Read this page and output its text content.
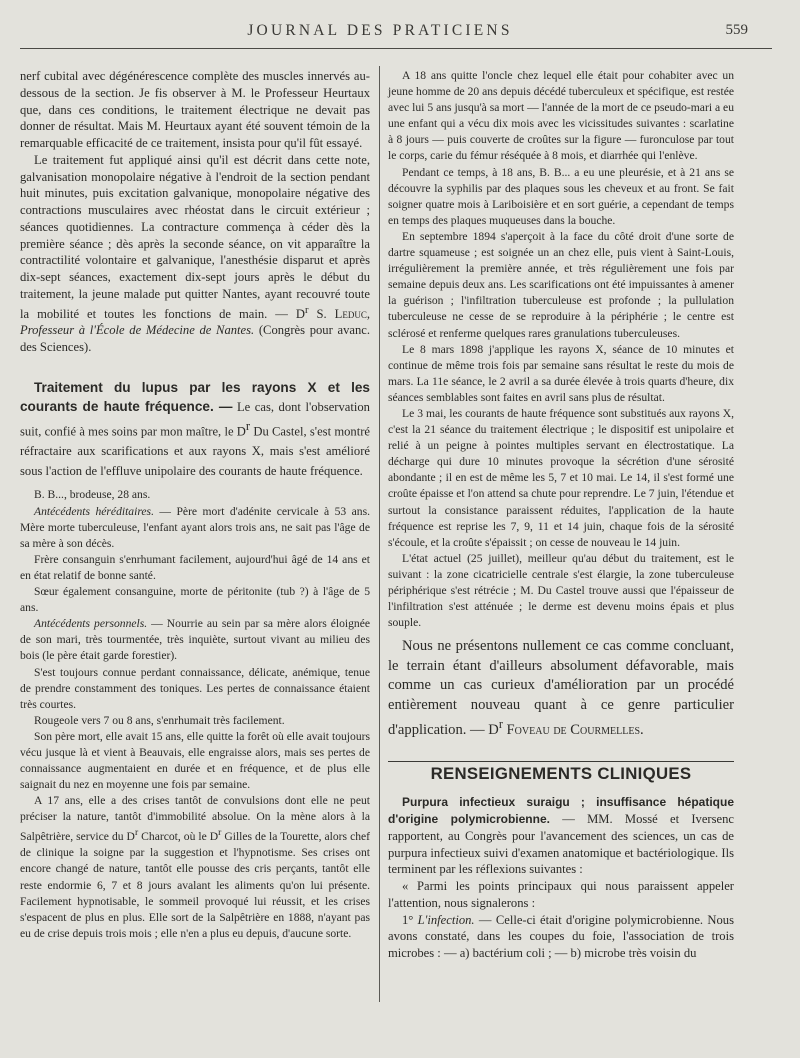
JOURNAL DES PRATICIENS	559

nerf cubital avec dégénérescence complète des muscles innervés au-dessous de la section. Je fis observer à M. le Professeur Heurtaux que, dans ces conditions, le traitement électrique ne devait pas donner de résultat. Mais M. Heurtaux ayant été souvent témoin de la remarquable efficacité de ce traitement, insista pour qu'il fût essayé.

Le traitement fut appliqué ainsi qu'il est décrit dans cette note, galvanisation monopolaire négative à l'endroit de la section pendant huit minutes, puis excitation galvanique, monopolaire négative des contractions musculaires avec rhéostat dans le circuit extérieur ; séances quotidiennes. La contracture commença à céder dès la première séance ; dès après la seconde séance, on vit apparaître la contractilité volontaire et galvanique, l'anesthésie disparut et après dix-sept séances, exactement dix-sept jours après le début du traitement, la jeune malade put quitter Nantes, ayant recouvré toute la mobilité et toutes les fonctions de main. — $D^r$ S. Leduc, Professeur à l'École de Médecine de Nantes. (Congrès pour avanc. des Sciences).

Traitement du lupus par les rayons X et les courants de haute fréquence. — Le cas, dont l'observation suit, confié à mes soins par mon maître, le $D^r$ Du Castel, s'est montré réfractaire aux scarifications et aux rayons X, mais s'est amélioré sous l'action de l'effluve unipolaire des courants de haute fréquence.

B. B..., brodeuse, 28 ans.

Antécédents héréditaires. — Père mort d'adénite cervicale à 53 ans. Mère morte tuberculeuse, l'enfant ayant alors trois ans, ne sait pas l'âge de sa mère à son décès.

Frère consanguin s'enrhumant facilement, aujourd'hui âgé de 14 ans et en état relatif de bonne santé.

Sœur également consanguine, morte de péritonite (tub ?) à l'âge de 5 ans.

Antécédents personnels. — Nourrie au sein par sa mère alors éloignée de son mari, très tourmentée, très inquiète, surtout vivant au milieu des bois (le père était garde forestier).

S'est toujours connue perdant connaissance, délicate, anémique, tenue de prendre constamment des toniques. Les pertes de connaissance étaient très courtes.

Rougeole vers 7 ou 8 ans, s'enrhumait très facilement.

Son père mort, elle avait 15 ans, elle quitte la forêt où elle avait toujours vécu jusque là et vient à Beauvais, elle engraisse alors, mais ses pertes de connaissance augmentaient en durée et en fréquence, et de plus elle saignait du nez en moyenne une fois par semaine.

A 17 ans, elle a des crises tantôt de convulsions dont elle ne peut préciser la nature, tantôt d'immobilité absolue. On la mène alors à la Salpêtrière, service du $D^r$ Charcot, où le $D^r$ Gilles de la Tourette, alors chef de clinique la soigne par la suggestion et l'hypnotisme. Ses crises ont encore changé de nature, tantôt elle pousse des cris perçants, tantôt elle reste endormie 6, 7 et 8 jours avalant les aliments qu'on lui présente. Facilement hypnotisable, le sommeil provoqué lui réussit, et les crises s'espacent de plus en plus. Elle sort de la Salpêtrière en 1888, n'ayant pas eu de crise depuis trois mois ; elle n'en a plus eu depuis, d'aucune sorte.

A 18 ans quitte l'oncle chez lequel elle était pour cohabiter avec un jeune homme de 20 ans depuis décédé tuberculeux et spécifique, est restée avec lui 5 ans jusqu'à sa mort — l'année de la mort de ce pseudo-mari a eu une enfant qui a vécu dix mois avec les vicissitudes suivantes : scarlatine à 8 jours — puis couverte de croûtes sur la figure — furonculose par tout le corps, carie du fémur réséquée à 8 mois, et diarrhée qui l'enlève.

Pendant ce temps, à 18 ans, B. B... a eu une pleurésie, et à 21 ans se découvre la syphilis par des plaques sous les cheveux et au front. Se fait soigner quatre mois à Lariboisière et en sort guérie, a cependant de temps en temps des plaques muqueuses dans la bouche.

En septembre 1894 s'aperçoit à la face du côté droit d'une sorte de dartre squameuse ; est soignée un an chez elle, puis vient à Saint-Louis, irrégulièrement la première année, et très régulièrement une fois par semaine depuis deux ans. Les scarifications ont été impuissantes à amener la guérison ; l'infiltration tuberculeuse est profonde ; la pullulation tuberculeuse ne cesse de se reproduire à la périphérie ; le centre est sclérosé et renferme quelques rares granulations tuberculeuses.

Le 8 mars 1898 j'applique les rayons X, séance de 10 minutes et continue de même trois fois par semaine sans résultat le reste du mois de mars. La 11e séance, le 2 avril a sa durée élevée à trois quarts d'heure, dix séances semblables sont faites en avril sans plus de résultat.

Le 3 mai, les courants de haute fréquence sont substitués aux rayons X, c'est la 21 séance du traitement électrique ; le dispositif est unipolaire et relié à un peigne à pointes multiples servant en électrostatique. La décharge qui dure 10 minutes provoque la sécrétion d'une sérosité abondante ; il en est de même les 5, 7 et 10 mai. Le 14, il s'est formé une croûte épaisse et l'on attend sa chute pour reprendre. Le 7 juin, l'étendue et surtout la consistance paraissent réduites, l'application de la haute fréquence est reprise les 7, 9, 11 et 14 juin, chaque fois de la sérosité s'écoule, et la croûte s'épaissit ; on cesse de nouveau le 14 juin.

L'état actuel (25 juillet), meilleur qu'au début du traitement, est le suivant : la zone cicatricielle centrale s'est élargie, la zone tuberculeuse périphérique s'est rétrécie ; M. Du Castel trouve aussi que l'épaisseur de l'infiltration s'est atténuée ; le derme est devenu moins épais et plus souple.

Nous ne présentons nullement ce cas comme concluant, le terrain étant d'ailleurs absolument défavorable, mais comme un cas curieux d'amélioration par un procédé entièrement nouveau quant à ce genre particulier d'application. — $D^r$ Foveau de Courmelles.

RENSEIGNEMENTS CLINIQUES

Purpura infectieux suraigu ; insuffisance hépatique d'origine polymicrobienne. — MM. Mossé et Iversenc rapportent, au Congrès pour l'avancement des sciences, un cas de purpura infectieux suivi d'examen anatomique et bactériologique. Ils terminent par les réflexions suivantes :

« Parmi les points principaux qui nous paraissent appeler l'attention, nous signalerons :

1° L'infection. — Celle-ci était d'origine polymicrobienne. Nous avons constaté, dans les coupes du foie, l'association de trois microbes : — a) bactérium coli ; — b) microbe très voisin du
